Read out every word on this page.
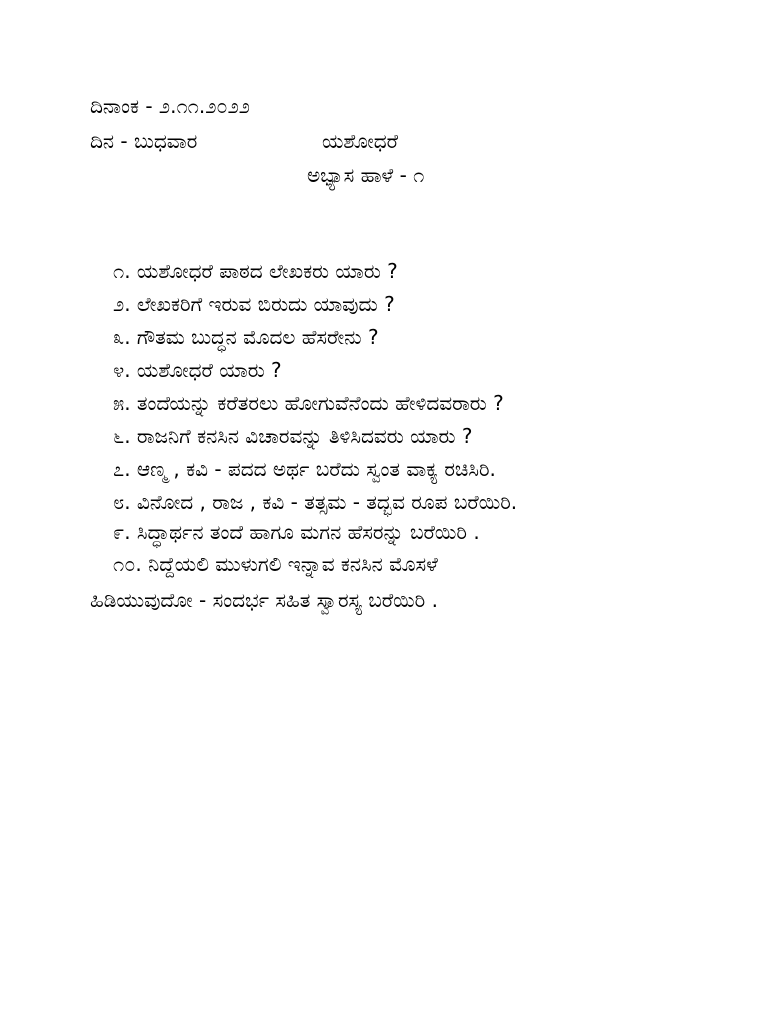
ದಿನಾಂಕ - ೨.೧೧.೨೦೨೨
ದಿನ - ಬುಧವಾರ	ಯಶೋಧರೆ
ಅಭ್ಯಾಸ ಹಾಳೆ - ೧
೧. ಯಶೋಧರೆ ಪಾಠದ ಲೇಖಕರು ಯಾರು ?
೨. ಲೇಖಕರಿಗೆ ಇರುವ ಬಿರುದು ಯಾವುದು ?
೩. ಗೌತಮ ಬುದ್ಧನ ಮೊದಲ ಹೆಸರೇನು ?
೪. ಯಶೋಧರೆ ಯಾರು ?
೫. ತಂದೆಯನ್ನು ಕರೆತರಲು ಹೋಗುವೆನೆಂದು ಹೇಳಿದವರಾರು ?
೬. ರಾಜನಿಗೆ ಕನಸಿನ ವಿಚಾರವನ್ನು ತಿಳಿಸಿದವರು ಯಾರು ?
೭. ಆಣ್ಮ , ಕವಿ - ಪದದ ಅರ್ಥ ಬರೆದು ಸ್ವಂತ ವಾಕ್ಯ ರಚಿಸಿರಿ.
೮. ವಿನೋದ , ರಾಜ , ಕವಿ - ತತ್ಸಮ - ತದ್ಭವ ರೂಪ ಬರೆಯಿರಿ.
೯. ಸಿದ್ಧಾರ್ಥನ ತಂದೆ ಹಾಗೂ ಮಗನ ಹೆಸರನ್ನು ಬರೆಯಿರಿ .
೧೦. ನಿದ್ದೆಯಲಿ ಮುಳುಗಲಿ ಇನ್ನಾವ ಕನಸಿನ ಮೊಸಳೆ
ಹಿಡಿಯುವುದೋ - ಸಂದರ್ಭ ಸಹಿತ ಸ್ವಾರಸ್ಯ ಬರೆಯಿರಿ .
